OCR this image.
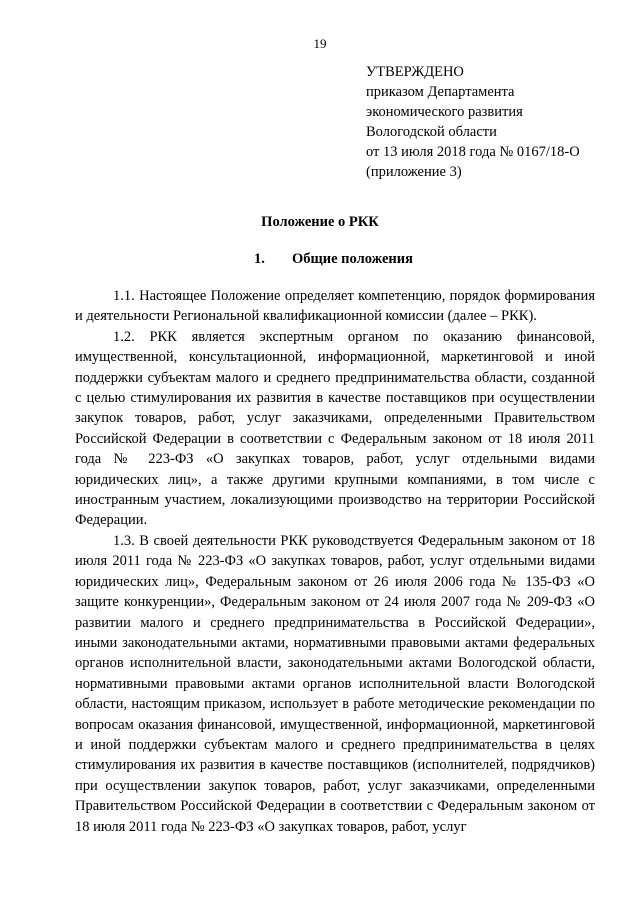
19
УТВЕРЖДЕНО
приказом Департамента
экономического развития
Вологодской области
от 13 июля 2018 года № 0167/18-О
(приложение 3)
Положение о РКК
1. Общие положения

1.1. Настоящее Положение определяет компетенцию, порядок формирования и деятельности Региональной квалификационной комиссии (далее – РКК).

1.2. РКК является экспертным органом по оказанию финансовой, имущественной, консультационной, информационной, маркетинговой и иной поддержки субъектам малого и среднего предпринимательства области, созданной с целью стимулирования их развития в качестве поставщиков при осуществлении закупок товаров, работ, услуг заказчиками, определенными Правительством Российской Федерации в соответствии с Федеральным законом от 18 июля 2011 года № 223-ФЗ «О закупках товаров, работ, услуг отдельными видами юридических лиц», а также другими крупными компаниями, в том числе с иностранным участием, локализующими производство на территории Российской Федерации.

1.3. В своей деятельности РКК руководствуется Федеральным законом от 18 июля 2011 года № 223-ФЗ «О закупках товаров, работ, услуг отдельными видами юридических лиц», Федеральным законом от 26 июля 2006 года № 135-ФЗ «О защите конкуренции», Федеральным законом от 24 июля 2007 года № 209-ФЗ «О развитии малого и среднего предпринимательства в Российской Федерации», иными законодательными актами, нормативными правовыми актами федеральных органов исполнительной власти, законодательными актами Вологодской области, нормативными правовыми актами органов исполнительной власти Вологодской области, настоящим приказом, использует в работе методические рекомендации по вопросам оказания финансовой, имущественной, информационной, маркетинговой и иной поддержки субъектам малого и среднего предпринимательства в целях стимулирования их развития в качестве поставщиков (исполнителей, подрядчиков) при осуществлении закупок товаров, работ, услуг заказчиками, определенными Правительством Российской Федерации в соответствии с Федеральным законом от 18 июля 2011 года № 223-ФЗ «О закупках товаров, работ, услуг
